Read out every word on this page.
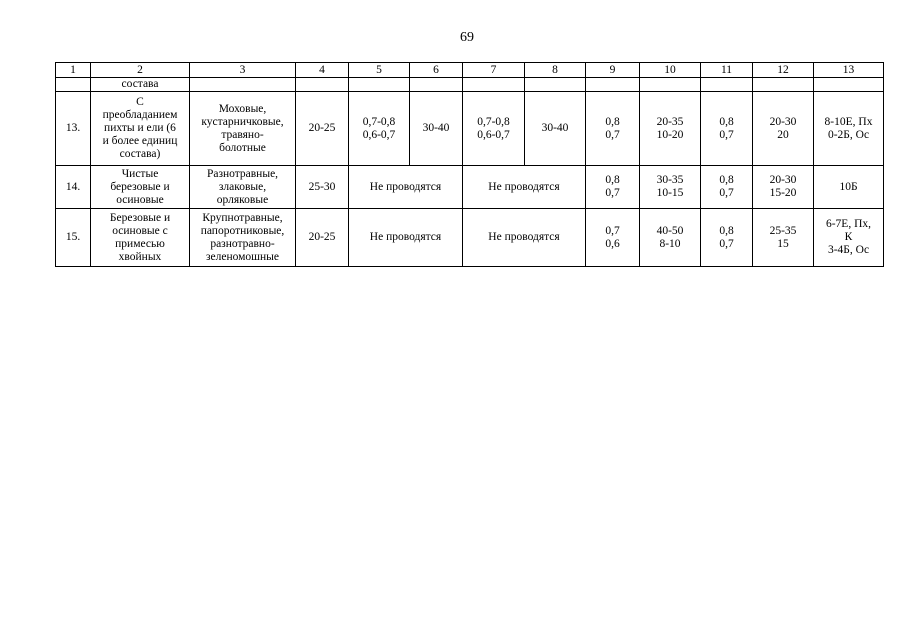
69
1	2	3	4	5	6	7	8	9	10	11	12	13
	состава											
13.	С
преобладанием
пихты и ели (6
и более единиц
состава)	Моховые,
кустарничковые,
травяно-
болотные	20-25	0,7-0,8
0,6-0,7	30-40	0,7-0,8
0,6-0,7	30-40	0,8
0,7	20-35
10-20	0,8
0,7	20-30
20	8-10Е, Пх
0-2Б, Ос
14.	Чистые
березовые и
осиновые	Разнотравные,
злаковые,
орляковые	25-30	Не проводятся		Не проводятся		0,8
0,7	30-35
10-15	0,8
0,7	20-30
15-20	10Б
15.	Березовые и
осиновые с
примесью
хвойных	Крупнотравные,
папоротниковые,
разнотравно-
зеленомошные	20-25	Не проводятся		Не проводятся		0,7
0,6	40-50
8-10	0,8
0,7	25-35
15	6-7Е, Пх,
К
3-4Б, Ос
